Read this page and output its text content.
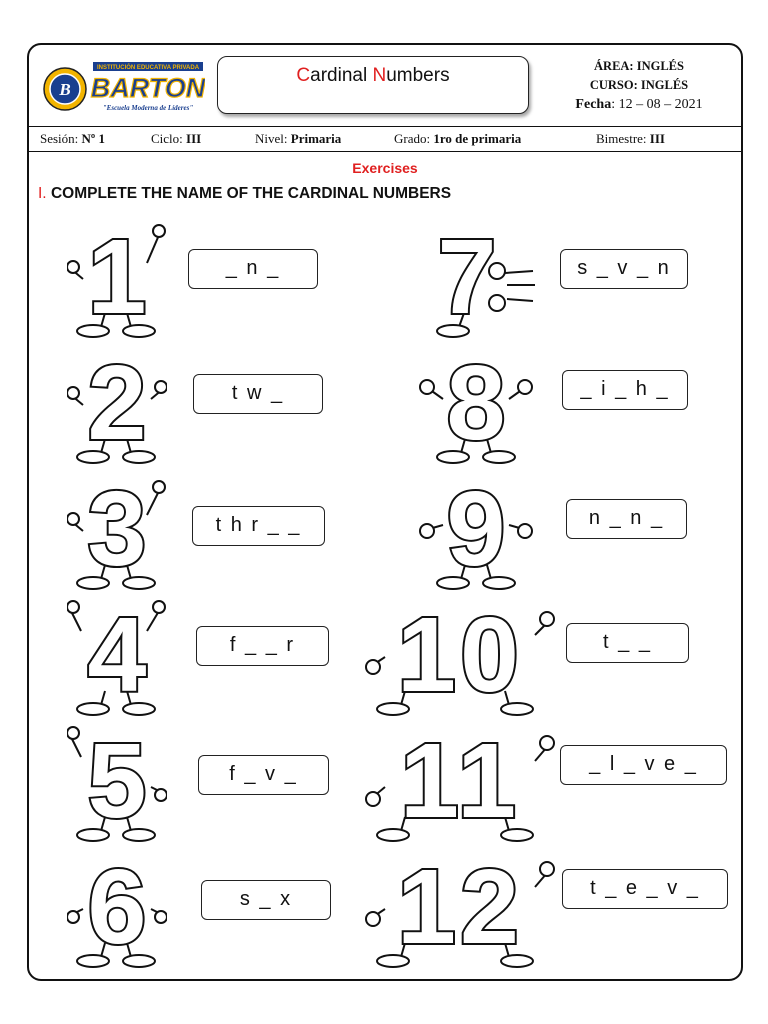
B
INSTITUCIÓN EDUCATIVA PRIVADA
BARTON
"Escuela Moderna de Líderes"
Cardinal Numbers	ÁREA: INGLÉS
CURSO: INGLÉS
Fecha: 12 – 08 – 2021
Sesión: Nº 1	Ciclo: III	Nivel: Primaria	Grado: 1ro de primaria	Bimestre: III
Exercises
I. COMPLETE THE NAME OF THE CARDINAL NUMBERS
1
2
3
4
5
6
7
8
9
10
11
12
_ n _
t w _
t h r _ _
f _ _ r
f _ v _
s _ x
s _ v _ n
_ i _ h _
n _ n _
t _ _
_ l _ v e _
t _ e _ v _
